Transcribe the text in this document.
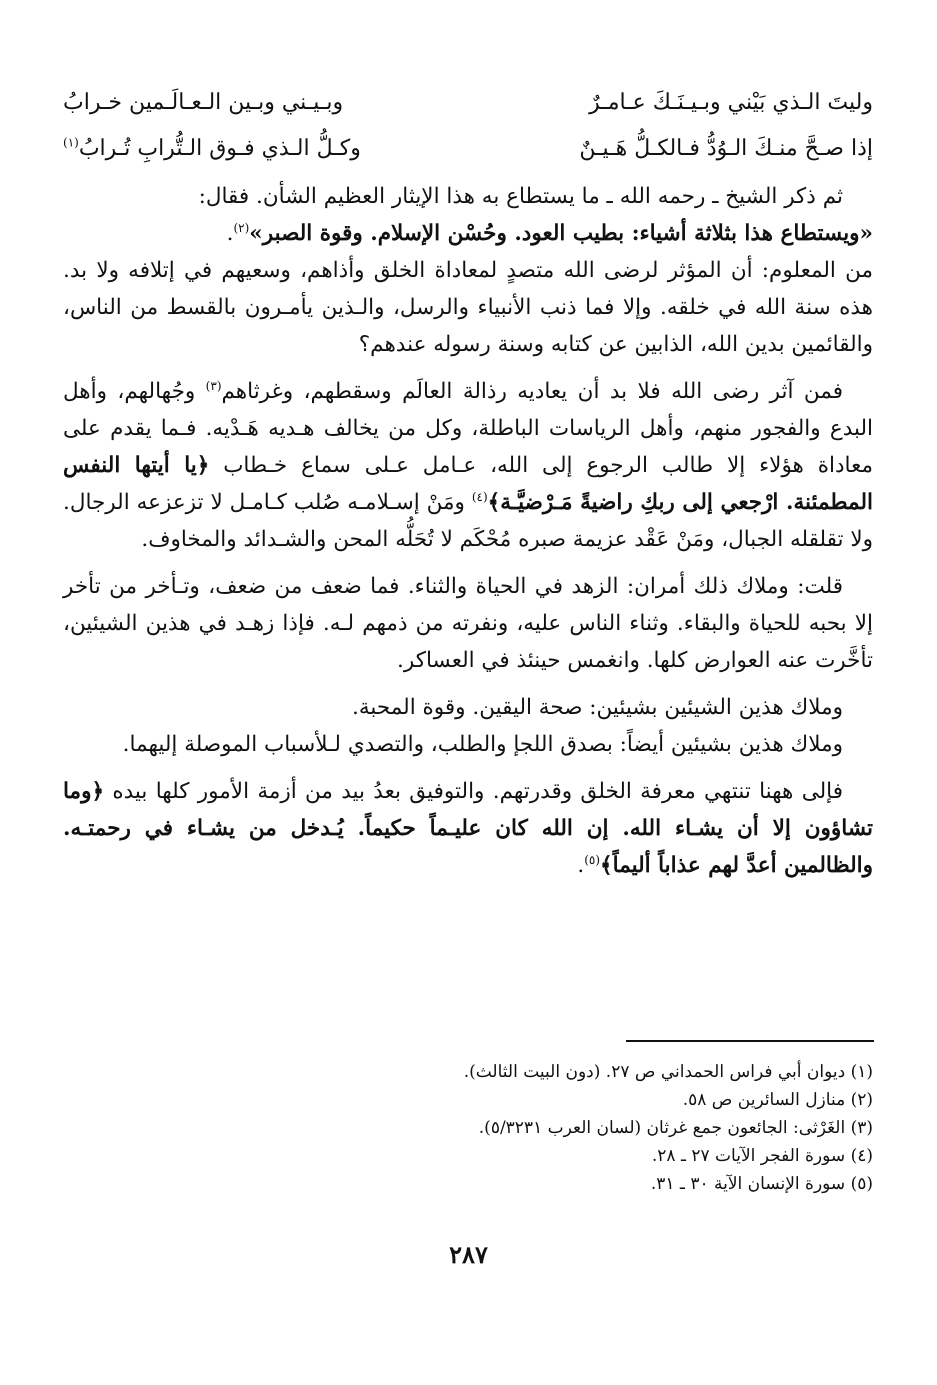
وليتَ الـذي بَيْني وبـيـنَـكَ عـامـرٌ
وبـيـني وبـين الـعـالَـمين خـرابُ
إذا صـحَّ منـكَ الـوُدُّ فـالكـلُّ هَـيـنٌ
وكـلُّ الـذي فـوق الـتُّرابِ تُـرابُ$^{(١)}$

ثم ذكر الشيخ ـ رحمه الله ـ ما يستطاع به هذا الإيثار العظيم الشأن. فقال:
«ويستطاع هذا بثلاثة أشياء: بطيب العود. وحُسْن الإسلام. وقوة الصبر»$^{(٢)}$.

من المعلوم: أن المؤثر لرضى الله متصدٍ لمعاداة الخلق وأذاهم، وسعيهم في إتلافه ولا بد. هذه سنة الله في خلقه. وإلا فما ذنب الأنبياء والرسل، والـذين يأمـرون بالقسط من الناس، والقائمين بدين الله، الذابين عن كتابه وسنة رسوله عندهم؟

فمن آثر رضى الله فلا بد أن يعاديه رذالة العالَم وسقطهم، وغرثاهم$^{(٣)}$ وجُهالهم، وأهل البدع والفجور منهم، وأهل الرياسات الباطلة، وكل من يخالف هـديه هَـدْيه. فـما يقدم على معاداة هؤلاء إلا طالب الرجوع إلى الله، عـامل عـلى سماع خـطاب ﴿يا أيتها النفس المطمئنة. ارْجعي إلى ربكِ راضيةً مَـرْضيَّـة﴾$^{(٤)}$ ومَنْ إسـلامـه صُلب كـامـل لا تزعزعه الرجال. ولا تقلقله الجبال، ومَنْ عَقْد عزيمة صبره مُحْكَم لا تُحَلُّه المحن والشـدائد والمخاوف.

قلت: وملاك ذلك أمران: الزهد في الحياة والثناء. فما ضعف من ضعف، وتـأخر من تأخر إلا بحبه للحياة والبقاء. وثناء الناس عليه، ونفرته من ذمهم لـه. فإذا زهـد في هذين الشيئين، تأخَّرت عنه العوارض كلها. وانغمس حينئذ في العساكر.

وملاك هذين الشيئين بشيئين: صحة اليقين. وقوة المحبة.

وملاك هذين بشيئين أيضاً: بصدق اللجإ والطلب، والتصدي لـلأسباب الموصلة إليهما.

فإلى ههنا تنتهي معرفة الخلق وقدرتهم. والتوفيق بعدُ بيد من أزمة الأمور كلها بيده ﴿وما تشاؤون إلا أن يشـاء الله. إن الله كان عليـماً حكيماً. يُـدخل من يشـاء في رحمتـه. والظالمين أعدَّ لهم عذاباً أليماً﴾$^{(٥)}$.

(١) ديوان أبي فراس الحمداني ص ٢٧. (دون البيت الثالث).
(٢) منازل السائرين ص ٥٨.
(٣) الغَرْثى: الجائعون جمع غرثان (لسان العرب ٥/٣٢٣١).
(٤) سورة الفجر الآيات ٢٧ ـ ٢٨.
(٥) سورة الإنسان الآية ٣٠ ـ ٣١.
٢٨٧
